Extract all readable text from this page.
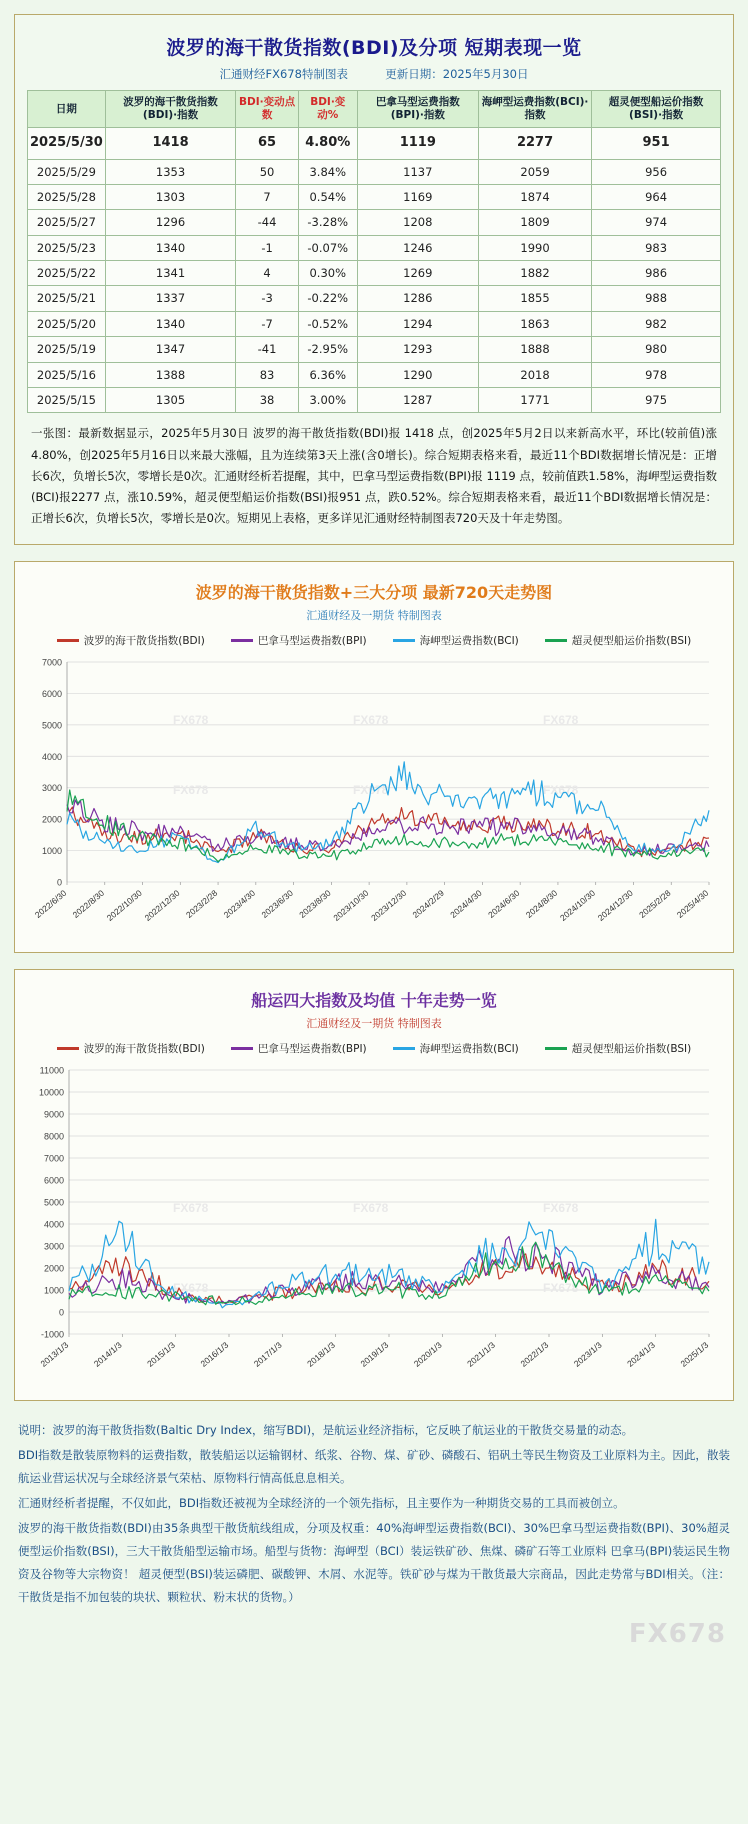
波罗的海干散货指数(BDI)及分项 短期表现一览
汇通财经FX678特制图表	更新日期：2025年5月30日
日期	波罗的海干散货指数(BDI)·指数	BDI·变动点数	BDI·变动%	巴拿马型运费指数(BPI)·指数	海岬型运费指数(BCI)·指数	超灵便型船运价指数(BSI)·指数
2025/5/30	1418	65	4.80%	1119	2277	951
2025/5/29	1353	50	3.84%	1137	2059	956
2025/5/28	1303	7	0.54%	1169	1874	964
2025/5/27	1296	-44	-3.28%	1208	1809	974
2025/5/23	1340	-1	-0.07%	1246	1990	983
2025/5/22	1341	4	0.30%	1269	1882	986
2025/5/21	1337	-3	-0.22%	1286	1855	988
2025/5/20	1340	-7	-0.52%	1294	1863	982
2025/5/19	1347	-41	-2.95%	1293	1888	980
2025/5/16	1388	83	6.36%	1290	2018	978
2025/5/15	1305	38	3.00%	1287	1771	975
一张图：最新数据显示，2025年5月30日 波罗的海干散货指数(BDI)报 1418 点，创2025年5月2日以来新高水平，环比(较前值)涨4.80%，创2025年5月16日以来最大涨幅，且为连续第3天上涨(含0增长)。综合短期表格来看，最近11个BDI数据增长情况是：正增长6次，负增长5次，零增长是0次。汇通财经析若提醒，其中，巴拿马型运费指数(BPI)报 1119 点，较前值跌1.58%，海岬型运费指数(BCI)报2277 点，涨10.59%，超灵便型船运价指数(BSI)报951 点，跌0.52%。综合短期表格来看，最近11个BDI数据增长情况是：正增长6次，负增长5次，零增长是0次。短期见上表格，更多详见汇通财经特制图表720天及十年走势图。
波罗的海干散货指数+三大分项 最新720天走势图
汇通财经及一期货 特制图表
波罗的海干散货指数(BDI)	巴拿马型运费指数(BPI)	海岬型运费指数(BCI)	超灵便型船运价指数(BSI)
0
1000
2000
3000
4000
5000
6000
7000
FX678	FX678	FX678
FX678	FX678	FX678
2022/6/30 2022/8/30
2022/10/30
2022/12/30 2023/2/28 2023/4/30 2023/6/30 2023/8/30
2023/10/30
2023/12/30 2024/2/29 2024/4/30 2024/6/30 2024/8/30
2024/10/30
2024/12/30 2025/2/28 2025/4/30
船运四大指数及均值 十年走势一览
汇通财经及一期货 特制图表
波罗的海干散货指数(BDI)	巴拿马型运费指数(BPI)	海岬型运费指数(BCI)	超灵便型船运价指数(BSI)
-1000
0
1000
2000
3000
4000
5000
6000
7000
8000
9000
10000
11000
FX678	FX678	FX678
FX678	FX678	FX678
2013/1/3	2014/1/3	2015/1/3	2016/1/3	2017/1/3	2018/1/3	2019/1/3	2020/1/3	2021/1/3	2022/1/3	2023/1/3	2024/1/3	2025/1/3

说明：波罗的海干散货指数(Baltic Dry Index，缩写BDI)，是航运业经济指标，它反映了航运业的干散货交易量的动态。

BDI指数是散装原物料的运费指数，散装船运以运输钢材、纸浆、谷物、煤、矿砂、磷酸石、铝矾土等民生物资及工业原料为主。因此，散装航运业营运状况与全球经济景气荣枯、原物料行情高低息息相关。

汇通财经析者提醒，不仅如此，BDI指数还被视为全球经济的一个领先指标，且主要作为一种期货交易的工具而被创立。

波罗的海干散货指数(BDI)由35条典型干散货航线组成，分项及权重：40%海岬型运费指数(BCI)、30%巴拿马型运费指数(BPI)、30%超灵便型运价指数(BSI)，三大干散货船型运输市场。船型与货物：海岬型（BCI）装运铁矿砂、焦煤、磷矿石等工业原料 巴拿马(BPI)装运民生物资及谷物等大宗物资！ 超灵便型(BSI)装运磷肥、碳酸钾、木屑、水泥等。铁矿砂与煤为干散货最大宗商品，因此走势常与BDI相关。（注：干散货是指不加包装的块状、颗粒状、粉末状的货物。）

FX678
